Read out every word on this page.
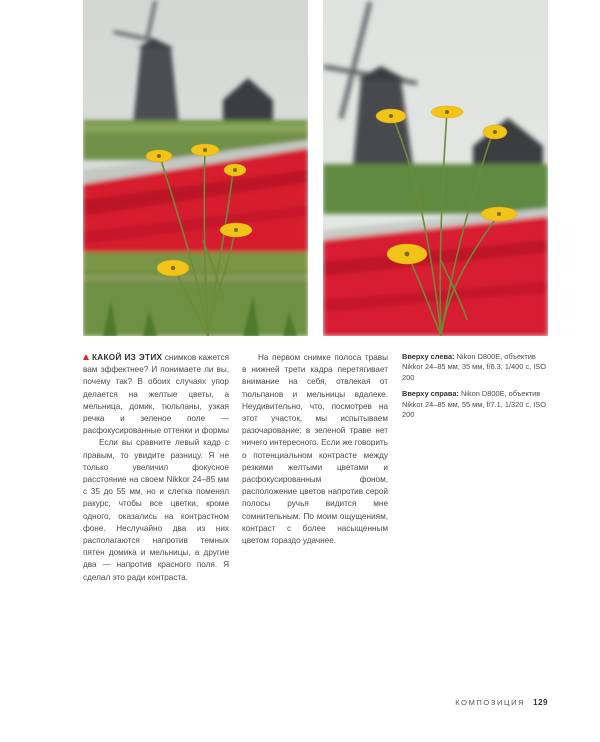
КАКОЙ ИЗ ЭТИХ снимков кажется вам эффектнее? И понимаете ли вы, почему так? В обоих случаях упор делается на желтые цветы, а мельница, домик, тюльпаны, узкая речка и зеленое поле — расфокусированные оттенки и формы

Если вы сравните левый кадр с правым, то увидите разницу. Я не только увеличил фокусное расстояние на своем Nikkor 24–85 мм с 35 до 55 мм, но и слегка поменял ракурс, чтобы все цветки, кроме одного, оказались на контрастном фоне. Неслучайно два из них располагаются напротив темных пятен домика и мельницы, а другие два — напротив красного поля. Я сделал это ради контраста.

На первом снимке полоса травы в нижней трети кадра перетягивает внимание на себя, отвлекая от тюльпанов и мельницы вдалеке. Неудивительно, что, посмотрев на этот участок, мы испытываем разочарование: в зеленой траве нет ничего интересного. Если же говорить о потенциальном контрасте между резкими желтыми цветами и расфокусированным фоном, расположение цветов напротив серой полосы ручья видится мне сомнительным. По моим ощущениям, контраст с более насыщенным цветом гораздо удачнее.

Вверху слева: Nikon D800E, объектив Nikkor 24–85 мм, 35 мм, f/6.3, 1/400 с, ISO 200
Вверху справа: Nikon D800E, объектив Nikkor 24–85 мм, 55 мм, f/7.1, 1/320 с, ISO 200
КОМПОЗИЦИЯ 129
